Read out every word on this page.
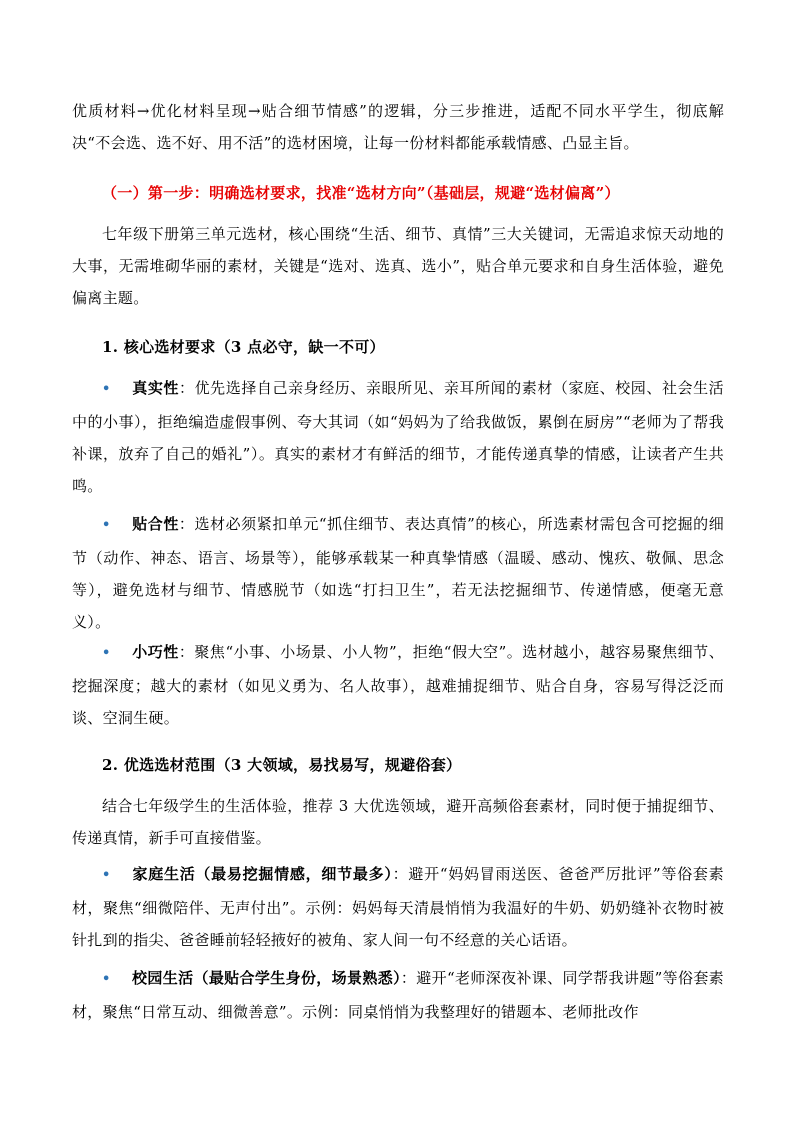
优质材料→优化材料呈现→贴合细节情感”的逻辑，分三步推进，适配不同水平学生，彻底解决“不会选、选不好、用不活”的选材困境，让每一份材料都能承载情感、凸显主旨。

（一）第一步：明确选材要求，找准“选材方向”（基础层，规避“选材偏离”）

七年级下册第三单元选材，核心围绕“生活、细节、真情”三大关键词，无需追求惊天动地的大事，无需堆砌华丽的素材，关键是“选对、选真、选小”，贴合单元要求和自身生活体验，避免偏离主题。

1. 核心选材要求（3 点必守，缺一不可）

• 真实性：优先选择自己亲身经历、亲眼所见、亲耳所闻的素材（家庭、校园、社会生活中的小事），拒绝编造虚假事例、夸大其词（如“妈妈为了给我做饭，累倒在厨房”“老师为了帮我补课，放弃了自己的婚礼”）。真实的素材才有鲜活的细节，才能传递真挚的情感，让读者产生共鸣。

• 贴合性：选材必须紧扣单元“抓住细节、表达真情”的核心，所选素材需包含可挖掘的细节（动作、神态、语言、场景等），能够承载某一种真挚情感（温暖、感动、愧疚、敬佩、思念等），避免选材与细节、情感脱节（如选“打扫卫生”，若无法挖掘细节、传递情感，便毫无意义）。

• 小巧性：聚焦“小事、小场景、小人物”，拒绝“假大空”。选材越小，越容易聚焦细节、挖掘深度；越大的素材（如见义勇为、名人故事），越难捕捉细节、贴合自身，容易写得泛泛而谈、空洞生硬。

2. 优选选材范围（3 大领域，易找易写，规避俗套）

结合七年级学生的生活体验，推荐 3 大优选领域，避开高频俗套素材，同时便于捕捉细节、传递真情，新手可直接借鉴。

• 家庭生活（最易挖掘情感，细节最多）：避开“妈妈冒雨送医、爸爸严厉批评”等俗套素材，聚焦“细微陪伴、无声付出”。示例：妈妈每天清晨悄悄为我温好的牛奶、奶奶缝补衣物时被针扎到的指尖、爸爸睡前轻轻掖好的被角、家人间一句不经意的关心话语。

• 校园生活（最贴合学生身份，场景熟悉）：避开“老师深夜补课、同学帮我讲题”等俗套素材，聚焦“日常互动、细微善意”。示例：同桌悄悄为我整理好的错题本、老师批改作
